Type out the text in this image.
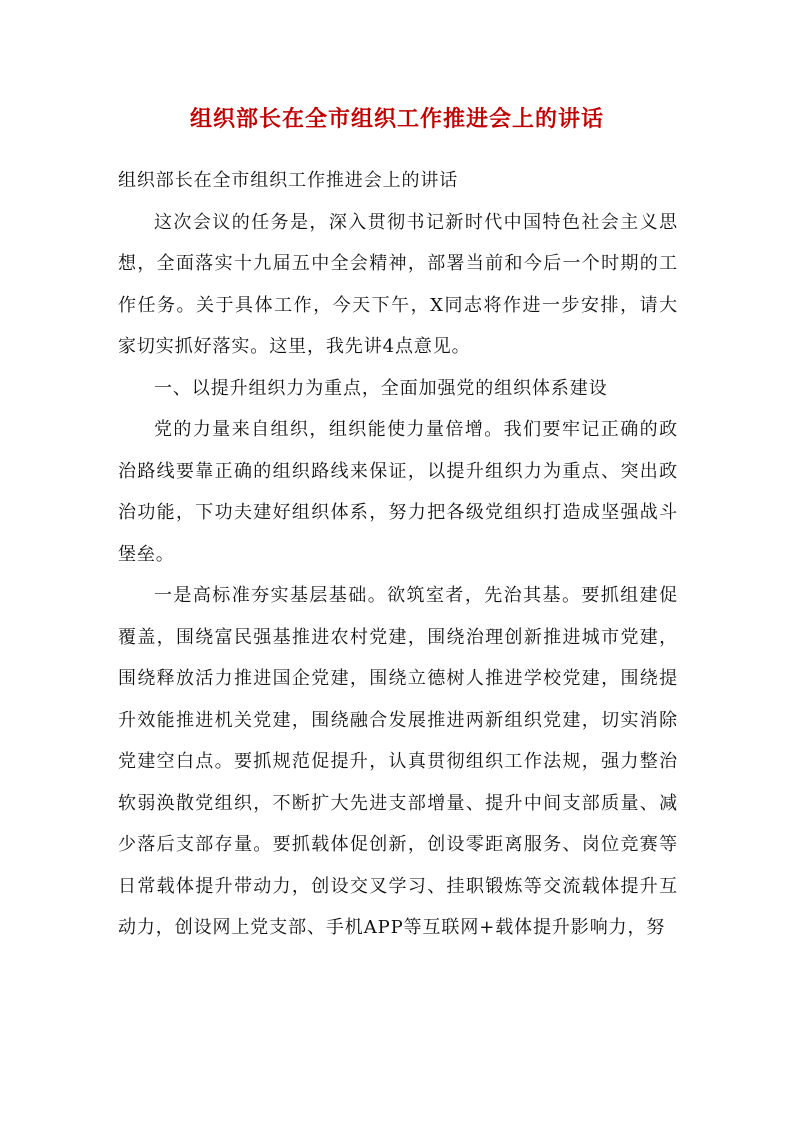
组织部长在全市组织工作推进会上的讲话

组织部长在全市组织工作推进会上的讲话

这次会议的任务是，深入贯彻书记新时代中国特色社会主义思想，全面落实十九届五中全会精神，部署当前和今后一个时期的工作任务。关于具体工作，今天下午，X同志将作进一步安排，请大家切实抓好落实。这里，我先讲4点意见。

一、以提升组织力为重点，全面加强党的组织体系建设

党的力量来自组织，组织能使力量倍增。我们要牢记正确的政治路线要靠正确的组织路线来保证，以提升组织力为重点、突出政治功能，下功夫建好组织体系，努力把各级党组织打造成坚强战斗堡垒。

一是高标准夯实基层基础。欲筑室者，先治其基。要抓组建促覆盖，围绕富民强基推进农村党建，围绕治理创新推进城市党建，围绕释放活力推进国企党建，围绕立德树人推进学校党建，围绕提升效能推进机关党建，围绕融合发展推进两新组织党建，切实消除党建空白点。要抓规范促提升，认真贯彻组织工作法规，强力整治软弱涣散党组织，不断扩大先进支部增量、提升中间支部质量、减少落后支部存量。要抓载体促创新，创设零距离服务、岗位竞赛等日常载体提升带动力，创设交叉学习、挂职锻炼等交流载体提升互动力，创设网上党支部、手机APP等互联网+载体提升影响力，努
